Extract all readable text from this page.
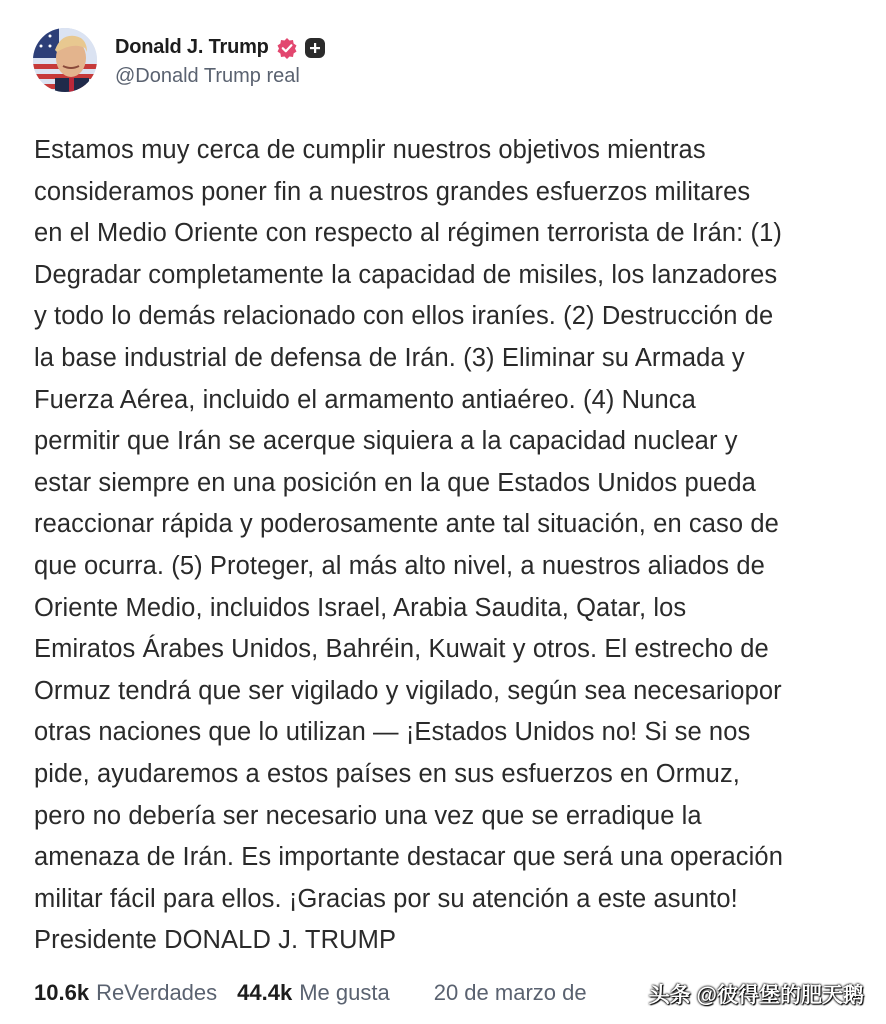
Donald J. Trump
@Donald Trump real
Estamos muy cerca de cumplir nuestros objetivos mientras
consideramos poner fin a nuestros grandes esfuerzos militares
en el Medio Oriente con respecto al régimen terrorista de Irán: (1)
Degradar completamente la capacidad de misiles, los lanzadores
y todo lo demás relacionado con ellos iraníes. (2) Destrucción de
la base industrial de defensa de Irán. (3) Eliminar su Armada y
Fuerza Aérea, incluido el armamento antiaéreo. (4) Nunca
permitir que Irán se acerque siquiera a la capacidad nuclear y
estar siempre en una posición en la que Estados Unidos pueda
reaccionar rápida y poderosamente ante tal situación, en caso de
que ocurra. (5) Proteger, al más alto nivel, a nuestros aliados de
Oriente Medio, incluidos Israel, Arabia Saudita, Qatar, los
Emiratos Árabes Unidos, Bahréin, Kuwait y otros. El estrecho de
Ormuz tendrá que ser vigilado y vigilado, según sea necesariopor
otras naciones que lo utilizan — ¡Estados Unidos no! Si se nos
pide, ayudaremos a estos países en sus esfuerzos en Ormuz,
pero no debería ser necesario una vez que se erradique la
amenaza de Irán. Es importante destacar que será una operación
militar fácil para ellos. ¡Gracias por su atención a este asunto!
Presidente DONALD J. TRUMP
10.6k ReVerdades 44.4k Me gusta 20 de marzo de	头条 @彼得堡的肥天鹅
